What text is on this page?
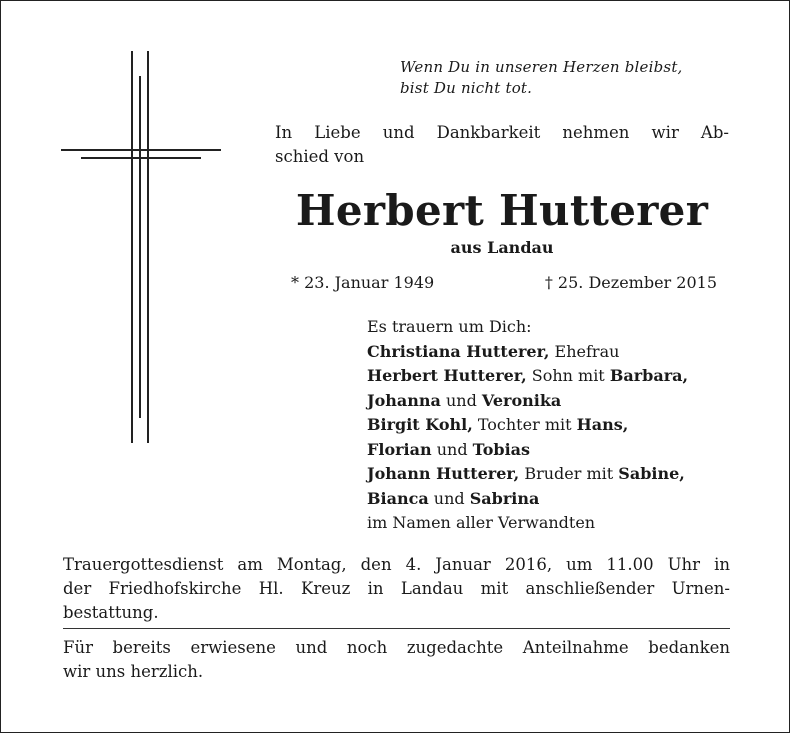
Wenn Du in unseren Herzen bleibst,
bist Du nicht tot.
In Liebe und Dankbarkeit nehmen wir Ab-
schied von
Herbert Hutterer
aus Landau
* 23. Januar 1949	† 25. Dezember 2015
Es trauern um Dich:
Christiana Hutterer, Ehefrau
Herbert Hutterer, Sohn mit Barbara,
Johanna und Veronika
Birgit Kohl, Tochter mit Hans,
Florian und Tobias
Johann Hutterer, Bruder mit Sabine,
Bianca und Sabrina
im Namen aller Verwandten
Trauergottesdienst am Montag, den 4. Januar 2016, um 11.00 Uhr in
der Friedhofskirche Hl. Kreuz in Landau mit anschließender Urnen-
bestattung.
Für bereits erwiesene und noch zugedachte Anteilnahme bedanken
wir uns herzlich.
